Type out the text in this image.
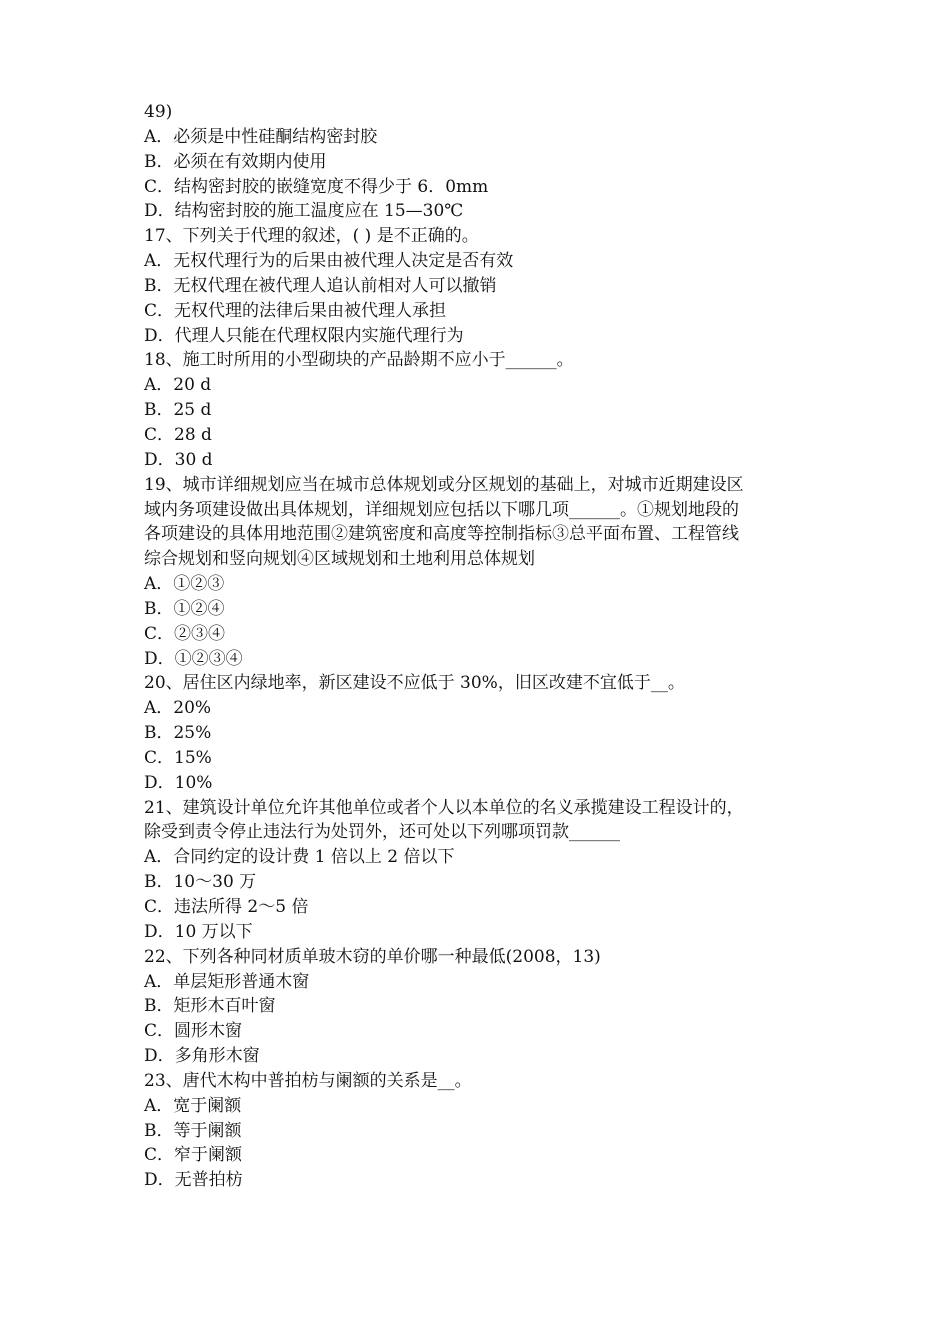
49)

A．必须是中性硅酮结构密封胶

B．必须在有效期内使用

C．结构密封胶的嵌缝宽度不得少于 6．0mm

D．结构密封胶的施工温度应在 15—30℃

17、下列关于代理的叙述，( ) 是不正确的。

A．无权代理行为的后果由被代理人决定是否有效

B．无权代理在被代理人追认前相对人可以撤销

C．无权代理的法律后果由被代理人承担

D．代理人只能在代理权限内实施代理行为

18、施工时所用的小型砌块的产品龄期不应小于______。

A．20 d

B．25 d

C．28 d

D．30 d

19、城市详细规划应当在城市总体规划或分区规划的基础上，对城市近期建设区

域内务项建设做出具体规划，详细规划应包括以下哪几项______。①规划地段的

各项建设的具体用地范围②建筑密度和高度等控制指标③总平面布置、工程管线

综合规划和竖向规划④区域规划和土地利用总体规划

A．①②③

B．①②④

C．②③④

D．①②③④

20、居住区内绿地率，新区建设不应低于 30%，旧区改建不宜低于__。

A．20%

B．25%

C．15%

D．10%

21、建筑设计单位允许其他单位或者个人以本单位的名义承揽建设工程设计的，

除受到责令停止违法行为处罚外，还可处以下列哪项罚款______

A．合同约定的设计费 1 倍以上 2 倍以下

B．10～30 万

C．违法所得 2～5 倍

D．10 万以下

22、下列各种同材质单玻木窃的单价哪一种最低(2008，13)

A．单层矩形普通木窗

B．矩形木百叶窗

C．圆形木窗

D．多角形木窗

23、唐代木构中普拍枋与阑额的关系是__。

A．宽于阑额

B．等于阑额

C．窄于阑额

D．无普拍枋
